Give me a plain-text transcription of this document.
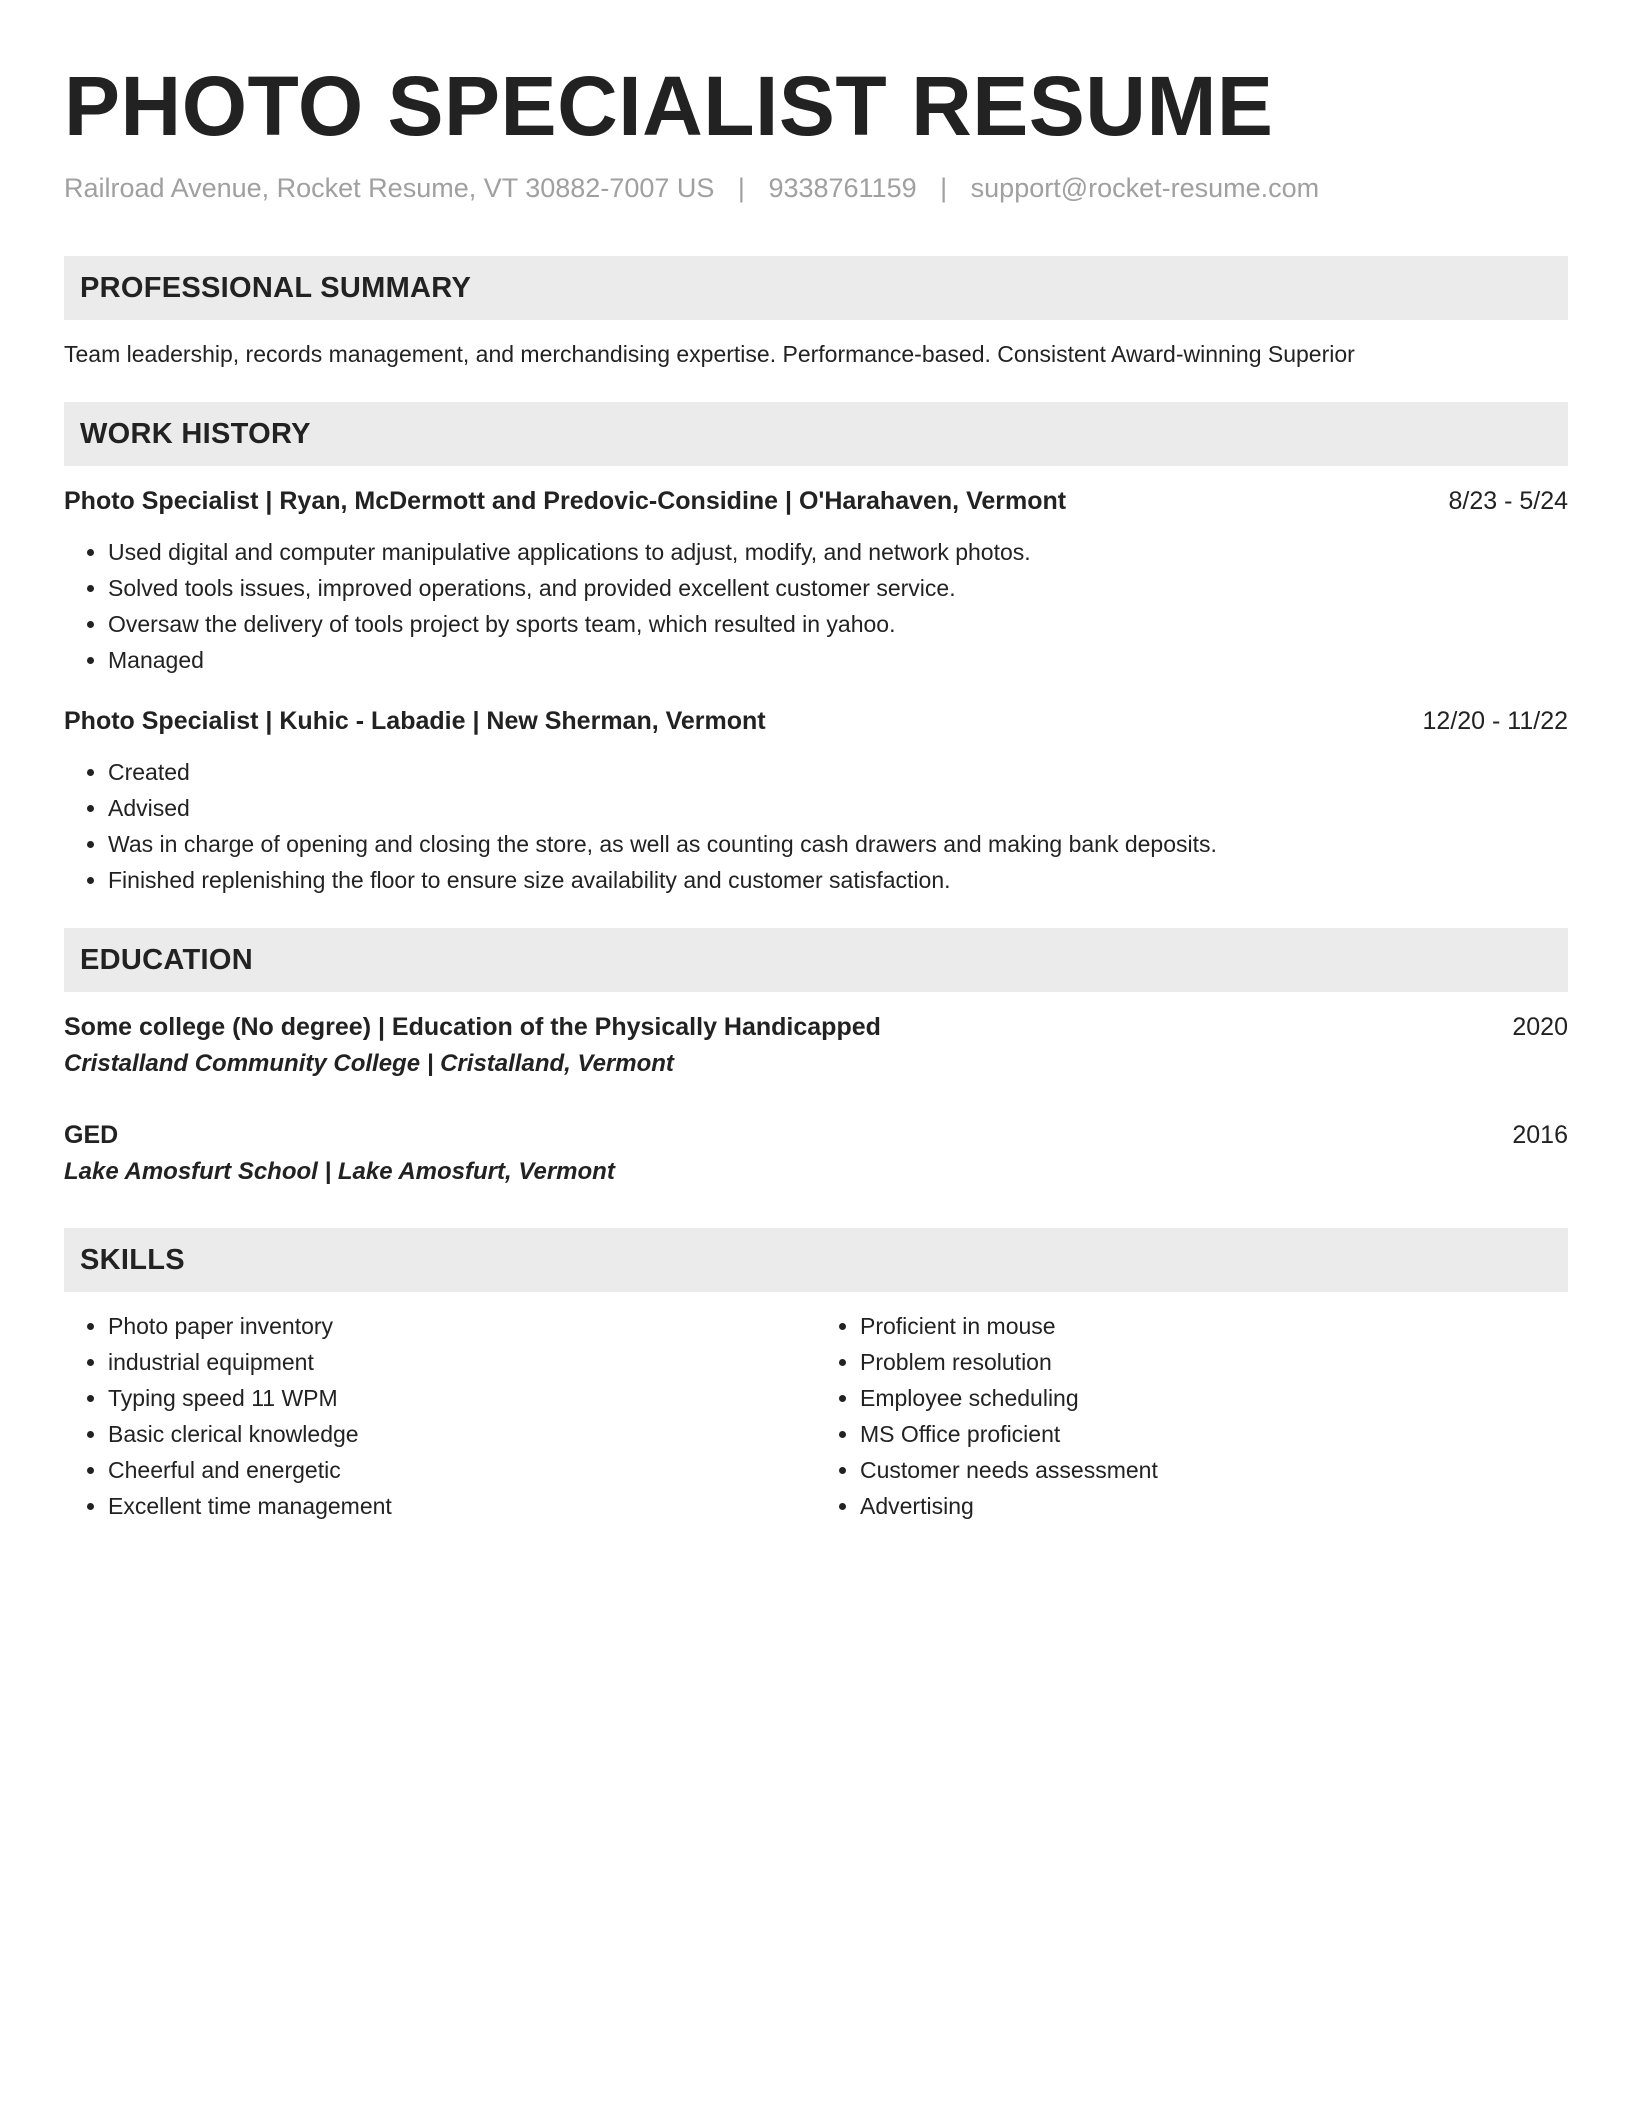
PHOTO SPECIALIST RESUME
Railroad Avenue, Rocket Resume, VT 30882-7007 US | 9338761159 | support@rocket-resume.com
PROFESSIONAL SUMMARY
Team leadership, records management, and merchandising expertise. Performance-based. Consistent Award-winning Superior
WORK HISTORY
Photo Specialist | Ryan, McDermott and Predovic-Considine | O'Harahaven, Vermont	8/23 - 5/24
• Used digital and computer manipulative applications to adjust, modify, and network photos.
• Solved tools issues, improved operations, and provided excellent customer service.
• Oversaw the delivery of tools project by sports team, which resulted in yahoo.
• Managed
Photo Specialist | Kuhic - Labadie | New Sherman, Vermont	12/20 - 11/22
• Created
• Advised
• Was in charge of opening and closing the store, as well as counting cash drawers and making bank deposits.
• Finished replenishing the floor to ensure size availability and customer satisfaction.
EDUCATION
Some college (No degree) | Education of the Physically Handicapped	2020
Cristalland Community College | Cristalland, Vermont
GED	2016
Lake Amosfurt School | Lake Amosfurt, Vermont
SKILLS
• Photo paper inventory
• industrial equipment
• Typing speed 11 WPM
• Basic clerical knowledge
• Cheerful and energetic
• Excellent time management
• Proficient in mouse
• Problem resolution
• Employee scheduling
• MS Office proficient
• Customer needs assessment
• Advertising
